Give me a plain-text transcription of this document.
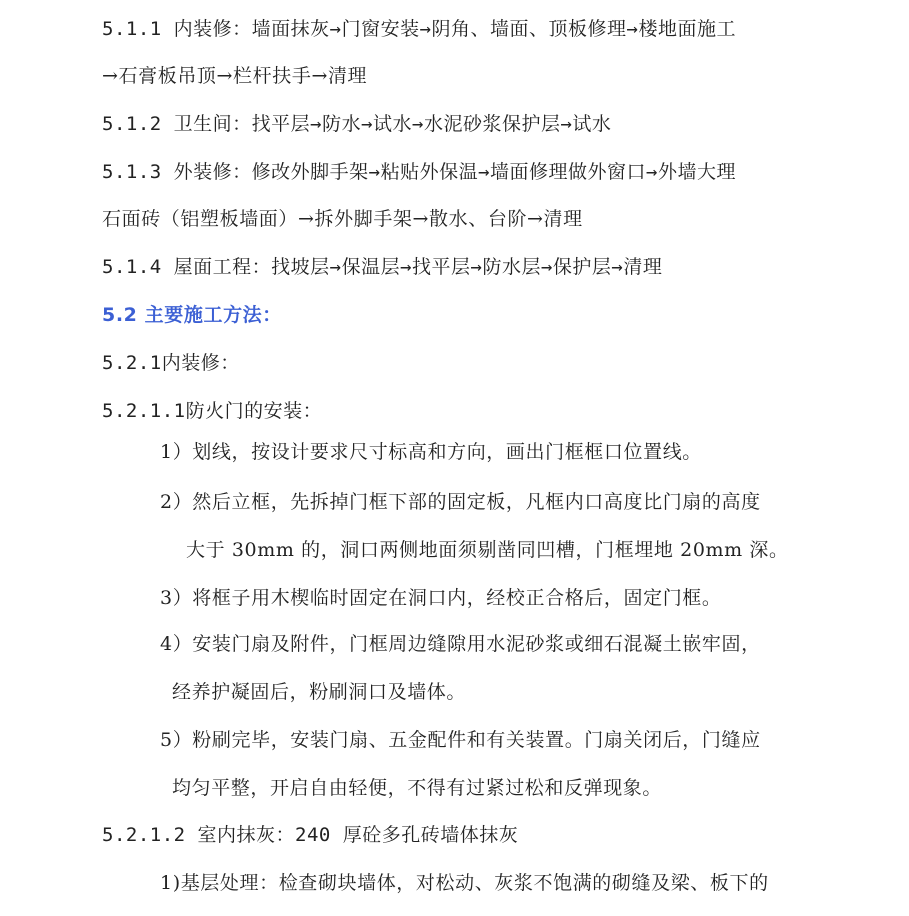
5.1.1 内装修：墙面抹灰→门窗安装→阴角、墙面、顶板修理→楼地面施工
→石膏板吊顶→栏杆扶手→清理
5.1.2 卫生间：找平层→防水→试水→水泥砂浆保护层→试水
5.1.3 外装修：修改外脚手架→粘贴外保温→墙面修理做外窗口→外墙大理
石面砖（铝塑板墙面）→拆外脚手架→散水、台阶→清理
5.1.4 屋面工程：找坡层→保温层→找平层→防水层→保护层→清理
5.2 主要施工方法：
5.2.1内装修：
5.2.1.1防火门的安装：
1）划线，按设计要求尺寸标高和方向，画出门框框口位置线。
2）然后立框，先拆掉门框下部的固定板，凡框内口高度比门扇的高度
大于 30mm 的，洞口两侧地面须剔凿同凹槽，门框埋地 20mm 深。
3）将框子用木楔临时固定在洞口内，经校正合格后，固定门框。
4）安装门扇及附件，门框周边缝隙用水泥砂浆或细石混凝土嵌牢固，
经养护凝固后，粉刷洞口及墙体。
5）粉刷完毕，安装门扇、五金配件和有关装置。门扇关闭后，门缝应
均匀平整，开启自由轻便，不得有过紧过松和反弹现象。
5.2.1.2 室内抹灰：240 厚砼多孔砖墙体抹灰
1)基层处理：检查砌块墙体，对松动、灰浆不饱满的砌缝及梁、板下的
